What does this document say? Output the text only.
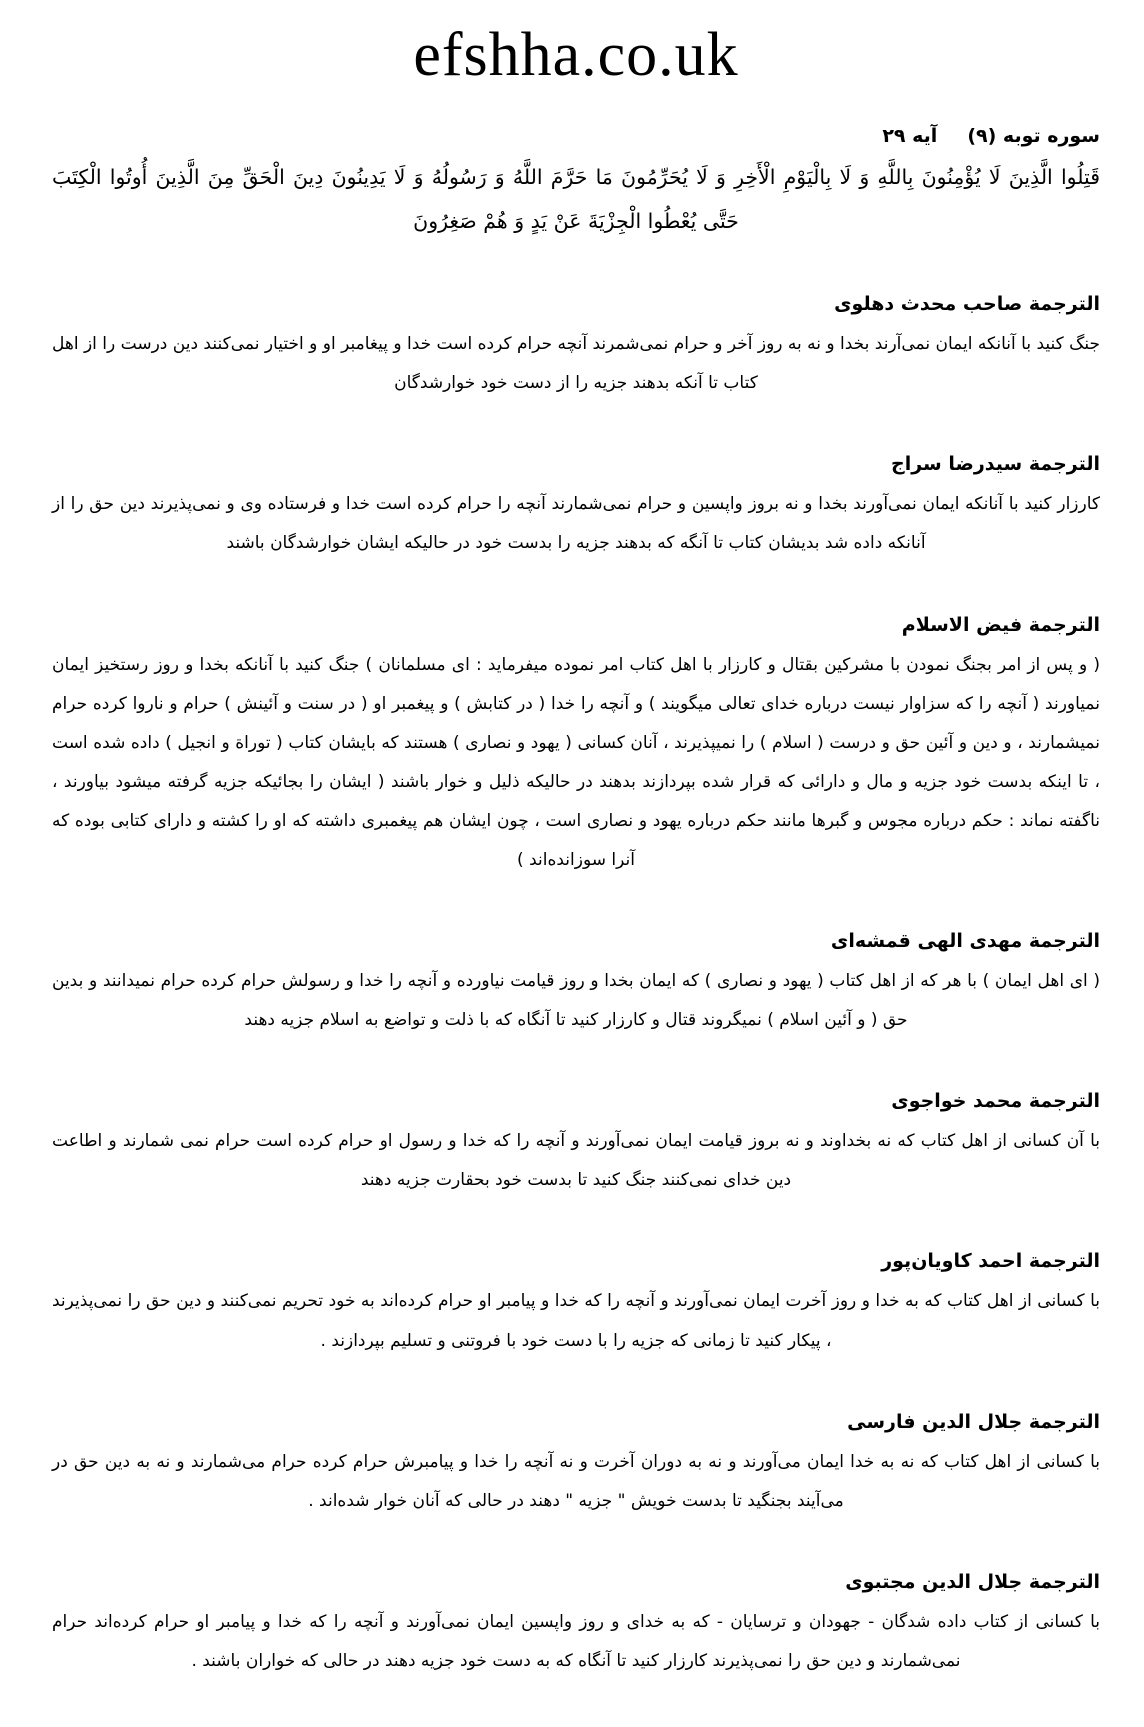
efshha.co.uk
سوره توبه (۹)آیه ۲۹

قَتِلُوا الَّذِينَ لَا يُؤْمِنُونَ بِاللَّهِ وَ لَا بِالْيَوْمِ الْأَخِرِ وَ لَا يُحَرِّمُونَ مَا حَرَّمَ اللَّهُ وَ رَسُولُهُ وَ لَا يَدِينُونَ دِينَ الْحَقِّ مِنَ الَّذِينَ أُوتُوا الْكِتَبَ حَتَّى يُعْطُوا الْجِزْيَةَ عَنْ يَدٍ وَ هُمْ صَغِرُونَ

الترجمة صاحب محدث دهلوى

جنگ کنید با آنانکه ایمان نمی‌آرند بخدا و نه به روز آخر و حرام نمی‌شمرند آنچه حرام کرده است خدا و پیغامبر او و اختیار نمی‌کنند دین درست را از اهل کتاب تا آنکه بدهند جزیه را از دست خود خوارشدگان

الترجمة سیدرضا سراج

کارزار کنید با آنانکه ایمان نمی‌آورند بخدا و نه بروز واپسین و حرام نمی‌شمارند آنچه را حرام کرده است خدا و فرستاده وی و نمی‌پذیرند دین حق را از آنانکه داده شد بدیشان کتاب تا آنگه که بدهند جزیه را بدست خود در حالیکه ایشان خوارشدگان باشند

الترجمة فیض الاسلام

( و پس از امر بجنگ نمودن با مشرکین بقتال و کارزار با اهل کتاب امر نموده میفرماید : ای مسلمانان ) جنگ کنید با آنانکه بخدا و روز رستخیز ایمان نمیاورند ( آنچه را که سزاوار نیست درباره خدای تعالی میگویند ) و آنچه را خدا ( در کتابش ) و پیغمبر او ( در سنت و آئینش ) حرام و ناروا کرده حرام نمیشمارند ، و دین و آئین حق و درست ( اسلام ) را نمیپذیرند ، آنان کسانی ( یهود و نصاری ) هستند که بایشان کتاب ( توراة و انجیل ) داده شده است ، تا اینکه بدست خود جزیه و مال و دارائی که قرار شده بپردازند بدهند در حالیکه ذلیل و خوار باشند ( ایشان را بجائیکه جزیه گرفته میشود بیاورند ، ناگفته نماند : حکم درباره مجوس و گبرها مانند حکم درباره یهود و نصاری است ، چون ایشان هم پیغمبری داشته که او را کشته و دارای کتابی بوده که آنرا سوزانده‌اند )

الترجمة مهدی الهی قمشه‌ای

( ای اهل ایمان ) با هر که از اهل کتاب ( یهود و نصاری ) که ایمان بخدا و روز قیامت نیاورده و آنچه را خدا و رسولش حرام کرده حرام نمیدانند و بدین حق ( و آئین اسلام ) نمیگروند قتال و کارزار کنید تا آنگاه که با ذلت و تواضع به اسلام جزیه دهند

الترجمة محمد خواجوی

با آن کسانی از اهل کتاب که نه بخداوند و نه بروز قیامت ایمان نمی‌آورند و آنچه را که خدا و رسول او حرام کرده است حرام نمی شمارند و اطاعت دین خدای نمی‌کنند جنگ کنید تا بدست خود بحقارت جزیه دهند

الترجمة احمد کاویان‌پور

با کسانی از اهل کتاب که به خدا و روز آخرت ایمان نمی‌آورند و آنچه را که خدا و پیامبر او حرام کرده‌اند به خود تحریم نمی‌کنند و دین حق را نمی‌پذیرند ، پیکار کنید تا زمانی که جزیه را با دست خود با فروتنی و تسلیم بپردازند .

الترجمة جلال الدین فارسی

با کسانی از اهل کتاب که نه به خدا ایمان می‌آورند و نه به دوران آخرت و نه آنچه را خدا و پیامبرش حرام کرده حرام می‌شمارند و نه به دین حق در می‌آیند بجنگید تا بدست خویش " جزیه " دهند در حالی که آنان خوار شده‌اند .

الترجمة جلال الدین مجتبوی

با کسانی از کتاب داده شدگان - جهودان و ترسایان - که به خدای و روز واپسین ایمان نمی‌آورند و آنچه را که خدا و پیامبر او حرام کرده‌اند حرام نمی‌شمارند و دین حق را نمی‌پذیرند کارزار کنید تا آنگاه که به دست خود جزیه دهند در حالی که خواران باشند .
